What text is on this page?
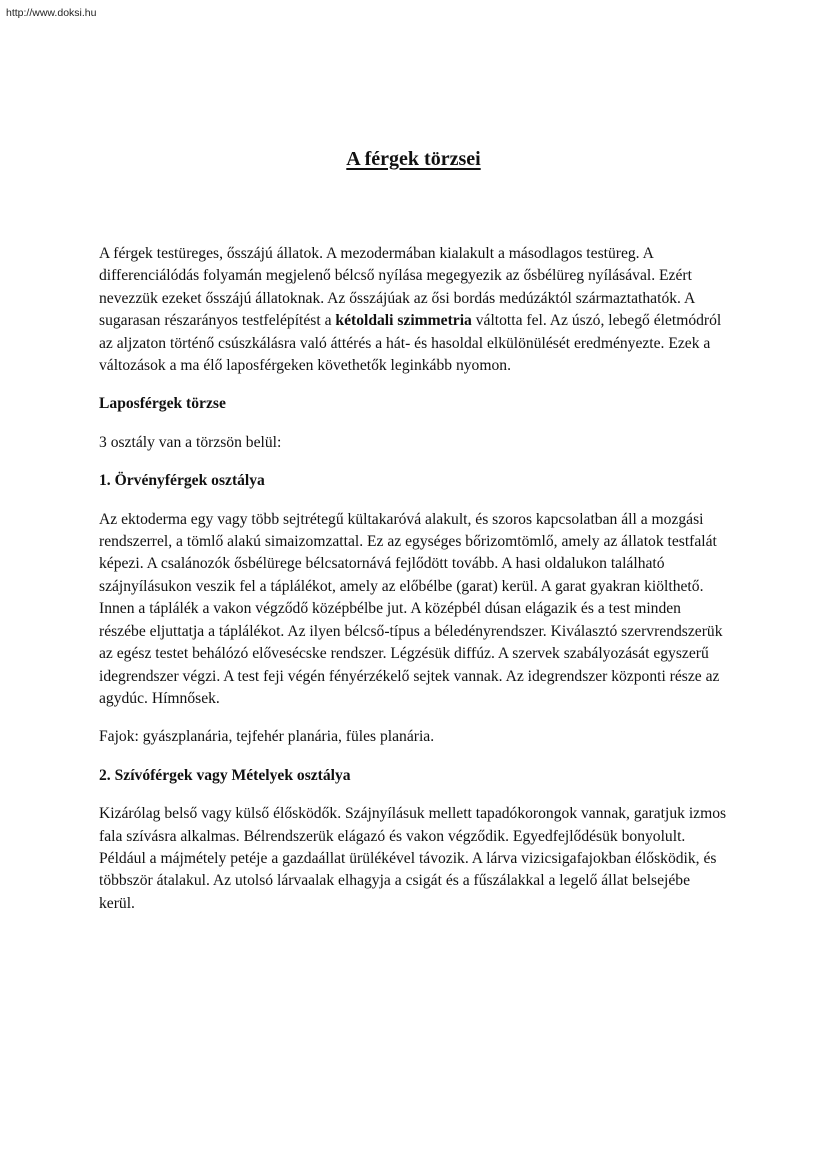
http://www.doksi.hu
A férgek törzsei

A férgek testüreges, ősszájú állatok. A mezodermában kialakult a másodlagos testüreg. A differenciálódás folyamán megjelenő bélcső nyílása megegyezik az ősbélüreg nyílásával. Ezért nevezzük ezeket ősszájú állatoknak. Az ősszájúak az ősi bordás medúzáktól származtathatók. A sugarasan részarányos testfelépítést a kétoldali szimmetria váltotta fel. Az úszó, lebegő életmódról az aljzaton történő csúszkálásra való áttérés a hát- és hasoldal elkülönülését eredményezte. Ezek a változások a ma élő laposférgeken követhetők leginkább nyomon.

Laposférgek törzse

3 osztály van a törzsön belül:

1. Örvényférgek osztálya

Az ektoderma egy vagy több sejtrétegű kültakaróvá alakult, és szoros kapcsolatban áll a mozgási rendszerrel, a tömlő alakú simaizomzattal. Ez az egységes bőrizomtömlő, amely az állatok testfalát képezi. A csalánozók ősbélürege bélcsatornává fejlődött tovább. A hasi oldalukon található szájnyílásukon veszik fel a táplálékot, amely az előbélbe (garat) kerül. A garat gyakran kiölthető. Innen a táplálék a vakon végződő középbélbe jut. A középbél dúsan elágazik és a test minden részébe eljuttatja a táplálékot. Az ilyen bélcső-típus a béledényrendszer. Kiválasztó szervrendszerük az egész testet behálózó elővesécske rendszer. Légzésük diffúz. A szervek szabályozását egyszerű idegrendszer végzi. A test feji végén fényérzékelő sejtek vannak. Az idegrendszer központi része az agydúc. Hímnősek.

Fajok: gyászplanária, tejfehér planária, füles planária.

2. Szívóférgek vagy Mételyek osztálya

Kizárólag belső vagy külső élősködők. Szájnyílásuk mellett tapadókorongok vannak, garatjuk izmos fala szívásra alkalmas. Bélrendszerük elágazó és vakon végződik. Egyedfejlődésük bonyolult. Például a májmétely petéje a gazdaállat ürülékével távozik. A lárva vizicsigafajokban élősködik, és többször átalakul. Az utolsó lárvaalak elhagyja a csigát és a fűszálakkal a legelő állat belsejébe kerül.
